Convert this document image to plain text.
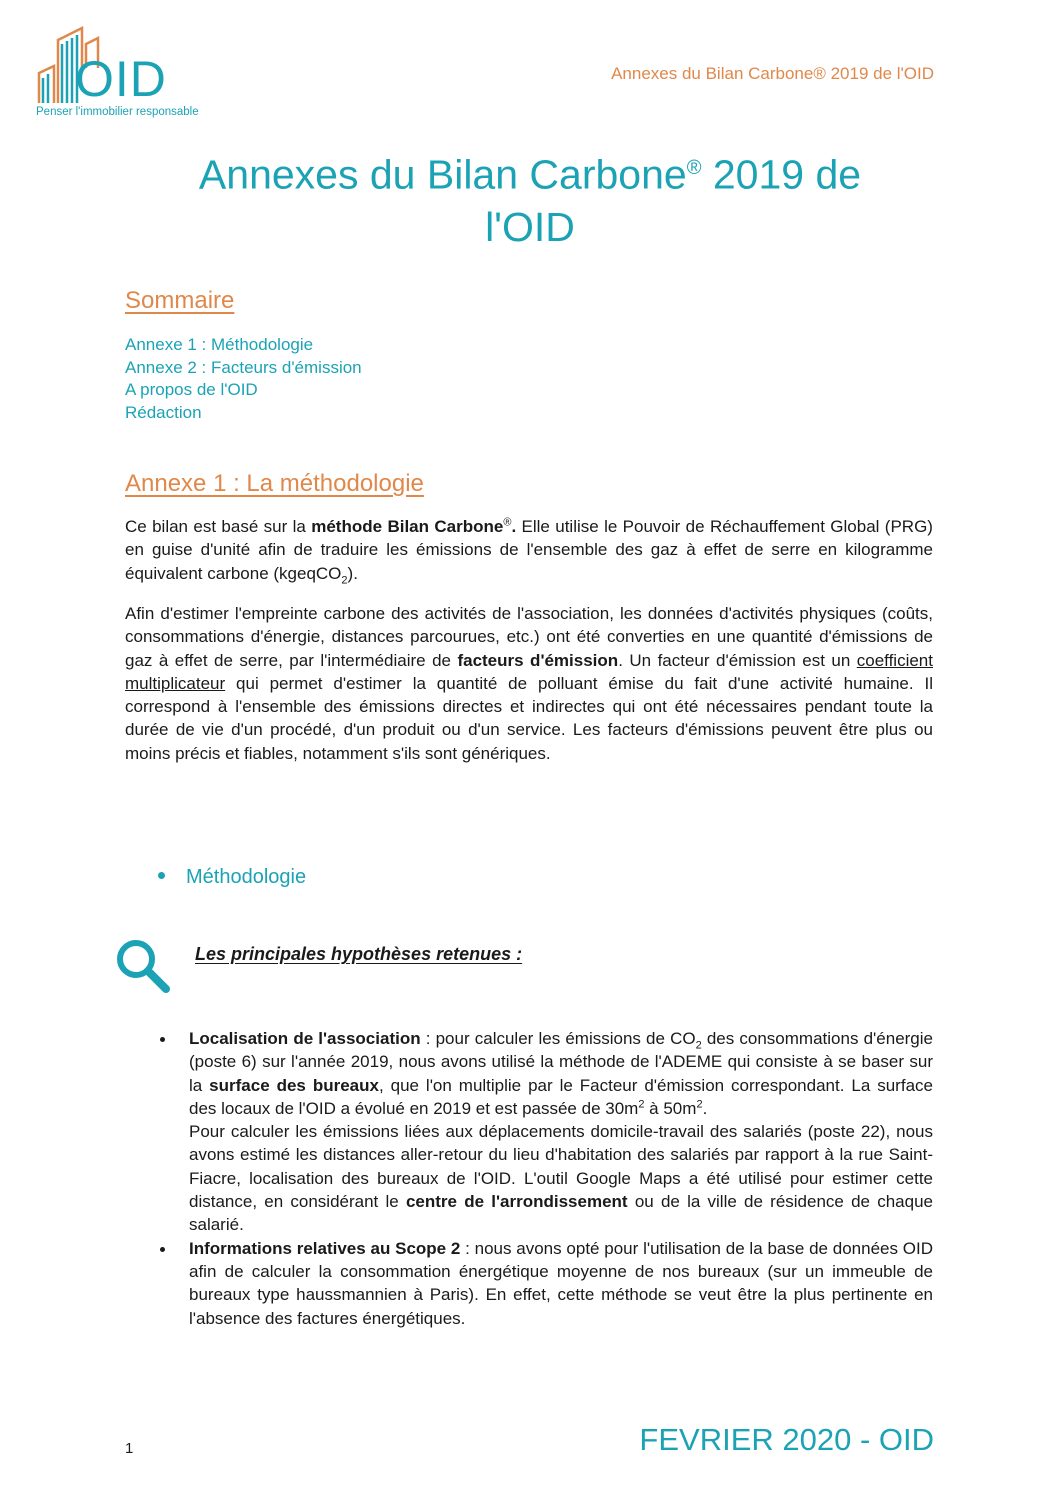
OID
Penser l'immobilier responsable
Annexes du Bilan Carbone® 2019 de l'OID
Annexes du Bilan Carbone® 2019 de
l'OID
Sommaire
Annexe 1 : Méthodologie
Annexe 2 : Facteurs d'émission
A propos de l'OID
Rédaction
Annexe 1 : La méthodologie
Ce bilan est basé sur la méthode Bilan Carbone®. Elle utilise le Pouvoir de Réchauffement Global (PRG) en guise d'unité afin de traduire les émissions de l'ensemble des gaz à effet de serre en kilogramme équivalent carbone (kgeqCO$_2$).
Afin d'estimer l'empreinte carbone des activités de l'association, les données d'activités physiques (coûts, consommations d'énergie, distances parcourues, etc.) ont été converties en une quantité d'émissions de gaz à effet de serre, par l'intermédiaire de facteurs d'émission. Un facteur d'émission est un coefficient multiplicateur qui permet d'estimer la quantité de polluant émise du fait d'une activité humaine. Il correspond à l'ensemble des émissions directes et indirectes qui ont été nécessaires pendant toute la durée de vie d'un procédé, d'un produit ou d'un service. Les facteurs d'émissions peuvent être plus ou moins précis et fiables, notamment s'ils sont génériques.
Méthodologie
Les principales hypothèses retenues :
Localisation de l'association : pour calculer les émissions de $CO_2$ des consommations d'énergie (poste 6) sur l'année 2019, nous avons utilisé la méthode de l'ADEME qui consiste à se baser sur la surface des bureaux, que l'on multiplie par le Facteur d'émission correspondant. La surface des locaux de l'OID a évolué en 2019 et est passée de $30m^2$ à $50m^2$.
Pour calculer les émissions liées aux déplacements domicile-travail des salariés (poste 22), nous avons estimé les distances aller-retour du lieu d'habitation des salariés par rapport à la rue Saint-Fiacre, localisation des bureaux de l'OID. L'outil Google Maps a été utilisé pour estimer cette distance, en considérant le centre de l'arrondissement ou de la ville de résidence de chaque salarié.
Informations relatives au Scope 2 : nous avons opté pour l'utilisation de la base de données OID afin de calculer la consommation énergétique moyenne de nos bureaux (sur un immeuble de bureaux type haussmannien à Paris). En effet, cette méthode se veut être la plus pertinente en l'absence des factures énergétiques.
1	FEVRIER 2020 - OID
